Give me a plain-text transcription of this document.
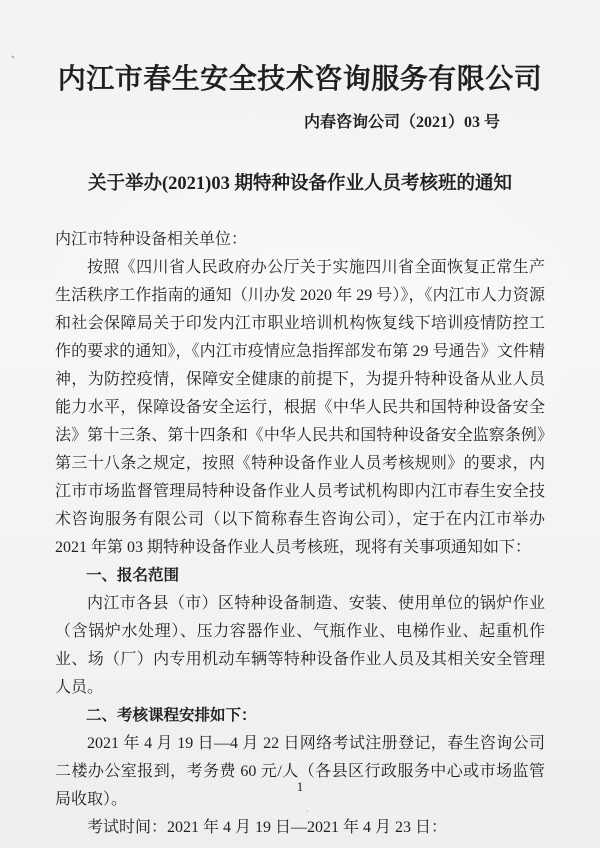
内江市春生安全技术咨询服务有限公司
内春咨询公司（2021）03 号
关于举办(2021)03 期特种设备作业人员考核班的通知

内江市特种设备相关单位：

按照《四川省人民政府办公厅关于实施四川省全面恢复正常生产生活秩序工作指南的通知（川办发 2020 年 29 号）》，《内江市人力资源和社会保障局关于印发内江市职业培训机构恢复线下培训疫情防控工作的要求的通知》，《内江市疫情应急指挥部发布第 29 号通告》文件精神，为防控疫情，保障安全健康的前提下，为提升特种设备从业人员能力水平，保障设备安全运行，根据《中华人民共和国特种设备安全法》第十三条、第十四条和《中华人民共和国特种设备安全监察条例》第三十八条之规定，按照《特种设备作业人员考核规则》的要求，内江市市场监督管理局特种设备作业人员考试机构即内江市春生安全技术咨询服务有限公司（以下简称春生咨询公司），定于在内江市举办 2021 年第 03 期特种设备作业人员考核班，现将有关事项通知如下：

一、报名范围

内江市各县（市）区特种设备制造、安装、使用单位的锅炉作业（含锅炉水处理）、压力容器作业、气瓶作业、电梯作业、起重机作业、场（厂）内专用机动车辆等特种设备作业人员及其相关安全管理人员。

二、考核课程安排如下：

2021 年 4 月 19 日—4 月 22 日网络考试注册登记，春生咨询公司二楼办公室报到，考务费 60 元/人（各县区行政服务中心或市场监管局收取）。

考试时间：2021 年 4 月 19 日—2021 年 4 月 23 日：

1
